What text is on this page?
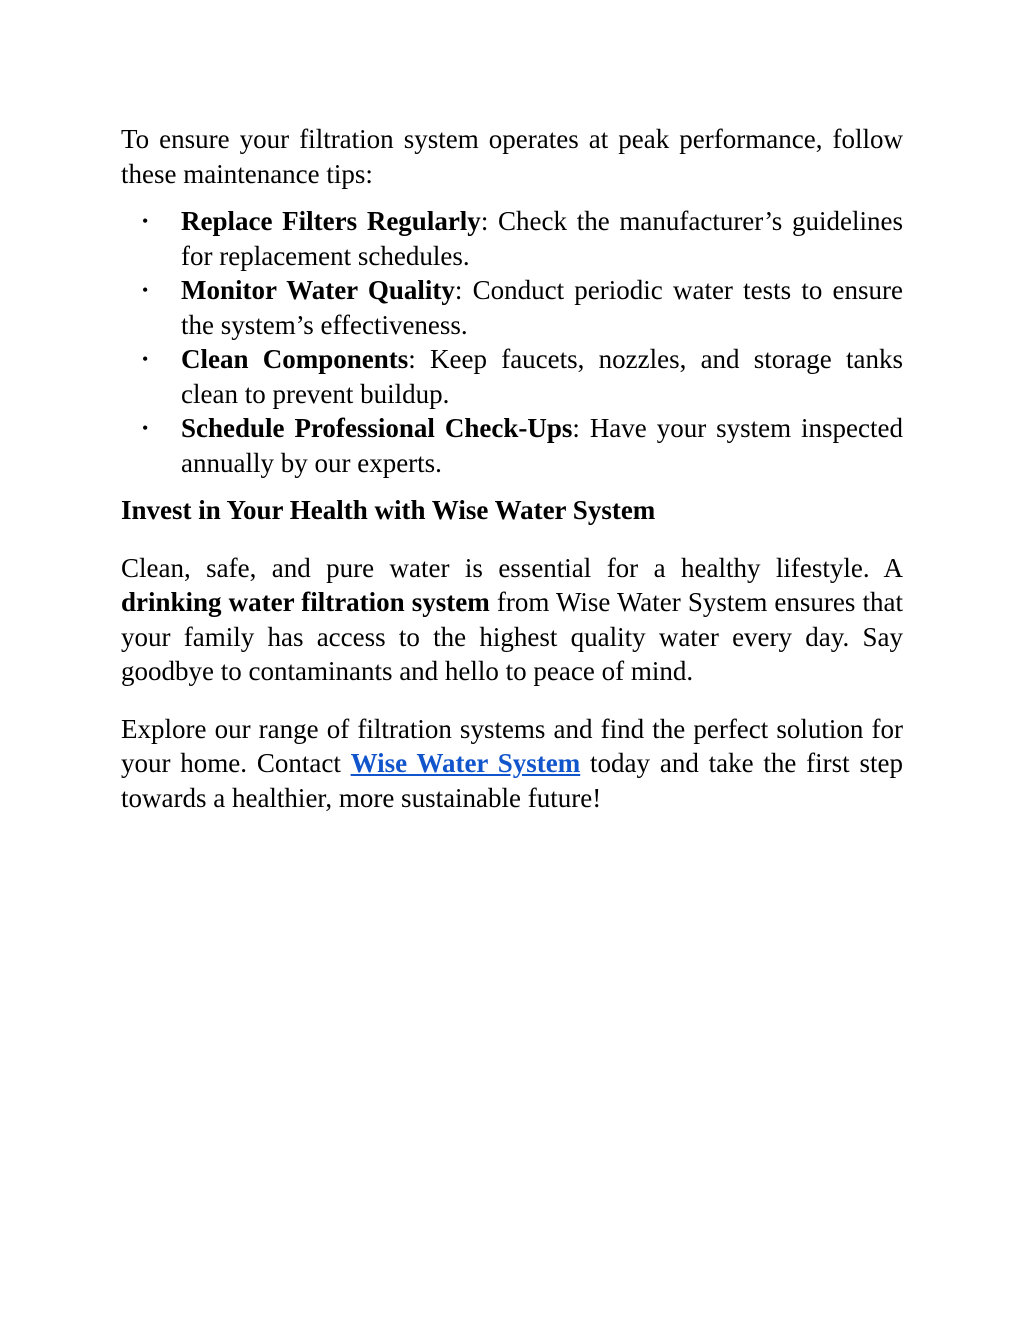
To ensure your filtration system operates at peak performance, follow these maintenance tips:

• Replace Filters Regularly: Check the manufacturer’s guidelines for replacement schedules.
• Monitor Water Quality: Conduct periodic water tests to ensure the system’s effectiveness.
• Clean Components: Keep faucets, nozzles, and storage tanks clean to prevent buildup.
• Schedule Professional Check-Ups: Have your system inspected annually by our experts.
Invest in Your Health with Wise Water System

Clean, safe, and pure water is essential for a healthy lifestyle. A drinking water filtration system from Wise Water System ensures that your family has access to the highest quality water every day. Say goodbye to contaminants and hello to peace of mind.

Explore our range of filtration systems and find the perfect solution for your home. Contact Wise Water System today and take the first step towards a healthier, more sustainable future!
